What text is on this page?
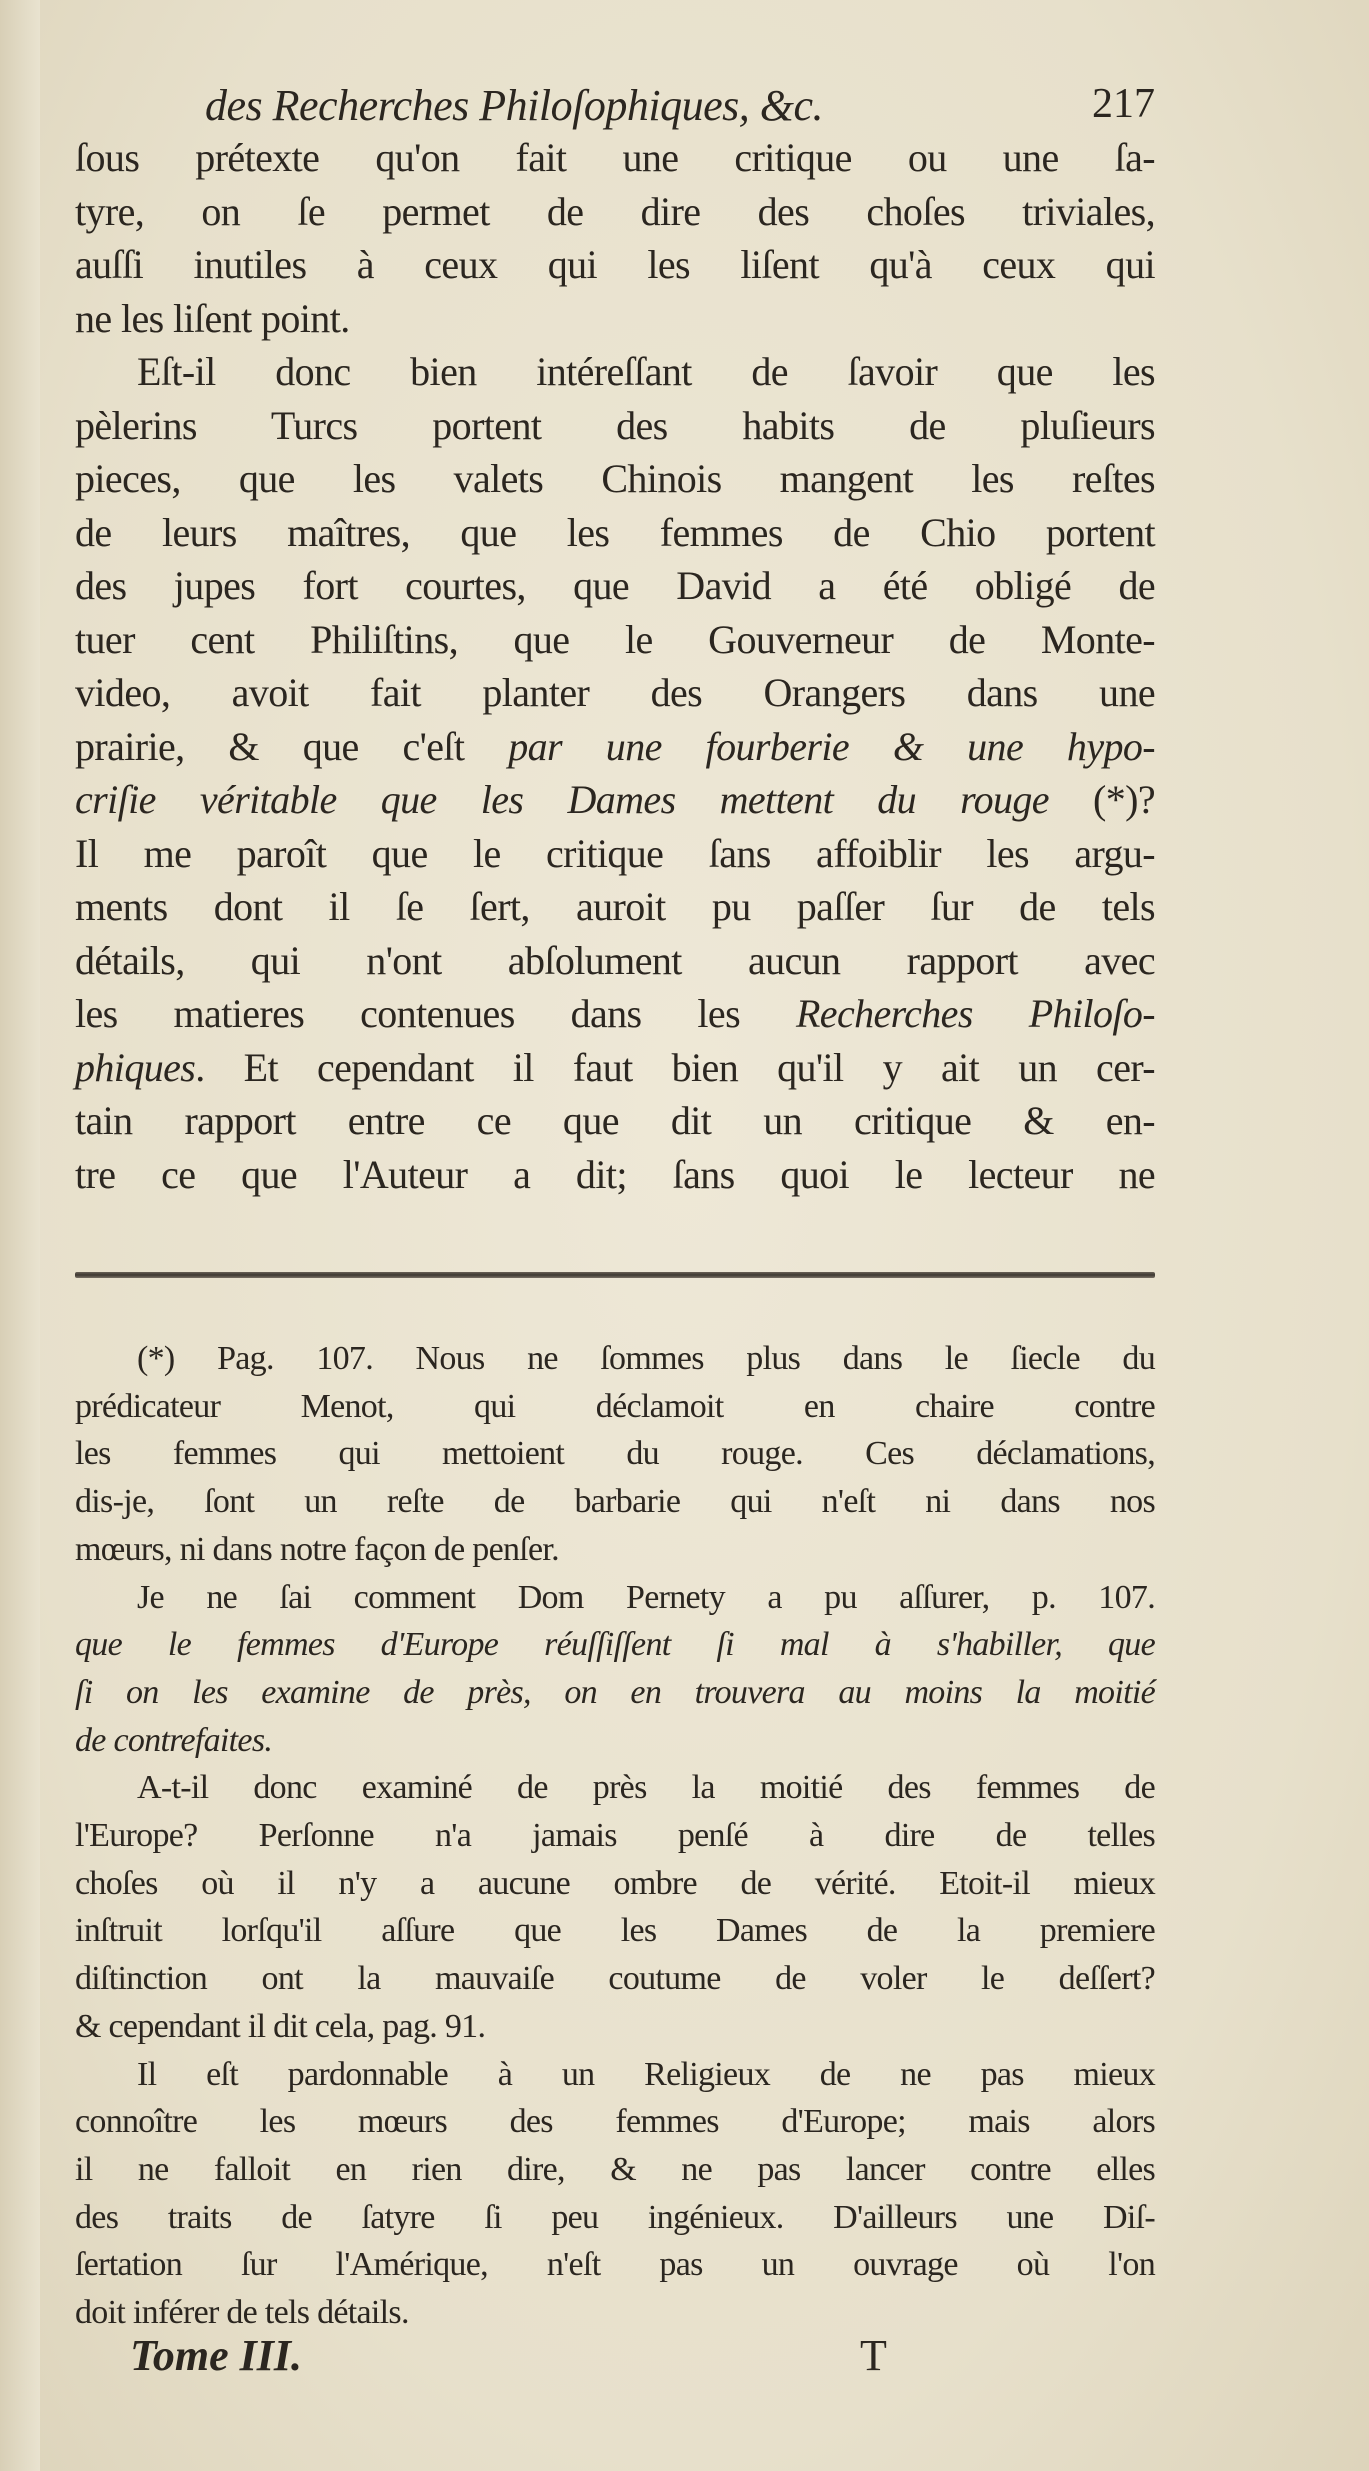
des Recherches Philoſophiques, &c.	217
ſous prétexte qu'on fait une critique ou une ſa-
tyre, on ſe permet de dire des choſes triviales,
auſſi inutiles à ceux qui les liſent qu'à ceux qui
ne les liſent point.
Eſt-il donc bien intéreſſant de ſavoir que les
pèlerins Turcs portent des habits de pluſieurs
pieces, que les valets Chinois mangent les reſtes
de leurs maîtres, que les femmes de Chio portent
des jupes fort courtes, que David a été obligé de
tuer cent Philiſtins, que le Gouverneur de Monte-
video, avoit fait planter des Orangers dans une
prairie, & que c'eſt par une fourberie & une hypo-
criſie véritable que les Dames mettent du rouge (*)?
Il me paroît que le critique ſans affoiblir les argu-
ments dont il ſe ſert, auroit pu paſſer ſur de tels
détails, qui n'ont abſolument aucun rapport avec
les matieres contenues dans les Recherches Philoſo-
phiques. Et cependant il faut bien qu'il y ait un cer-
tain rapport entre ce que dit un critique & en-
tre ce que l'Auteur a dit; ſans quoi le lecteur ne
(*) Pag. 107. Nous ne ſommes plus dans le ſiecle du
prédicateur Menot, qui déclamoit en chaire contre
les femmes qui mettoient du rouge. Ces déclamations,
dis-je, ſont un reſte de barbarie qui n'eſt ni dans nos
mœurs, ni dans notre façon de penſer.
Je ne ſai comment Dom Pernety a pu aſſurer, p. 107.
que le femmes d'Europe réuſſiſſent ſi mal à s'habiller, que
ſi on les examine de près, on en trouvera au moins la moitié
de contrefaites.
A-t-il donc examiné de près la moitié des femmes de
l'Europe? Perſonne n'a jamais penſé à dire de telles
choſes où il n'y a aucune ombre de vérité. Etoit-il mieux
inſtruit lorſqu'il aſſure que les Dames de la premiere
diſtinction ont la mauvaiſe coutume de voler le deſſert?
& cependant il dit cela, pag. 91.
Il eſt pardonnable à un Religieux de ne pas mieux
connoître les mœurs des femmes d'Europe; mais alors
il ne falloit en rien dire, & ne pas lancer contre elles
des traits de ſatyre ſi peu ingénieux. D'ailleurs une Diſ-
ſertation ſur l'Amérique, n'eſt pas un ouvrage où l'on
doit inférer de tels détails.
Tome III.	T
